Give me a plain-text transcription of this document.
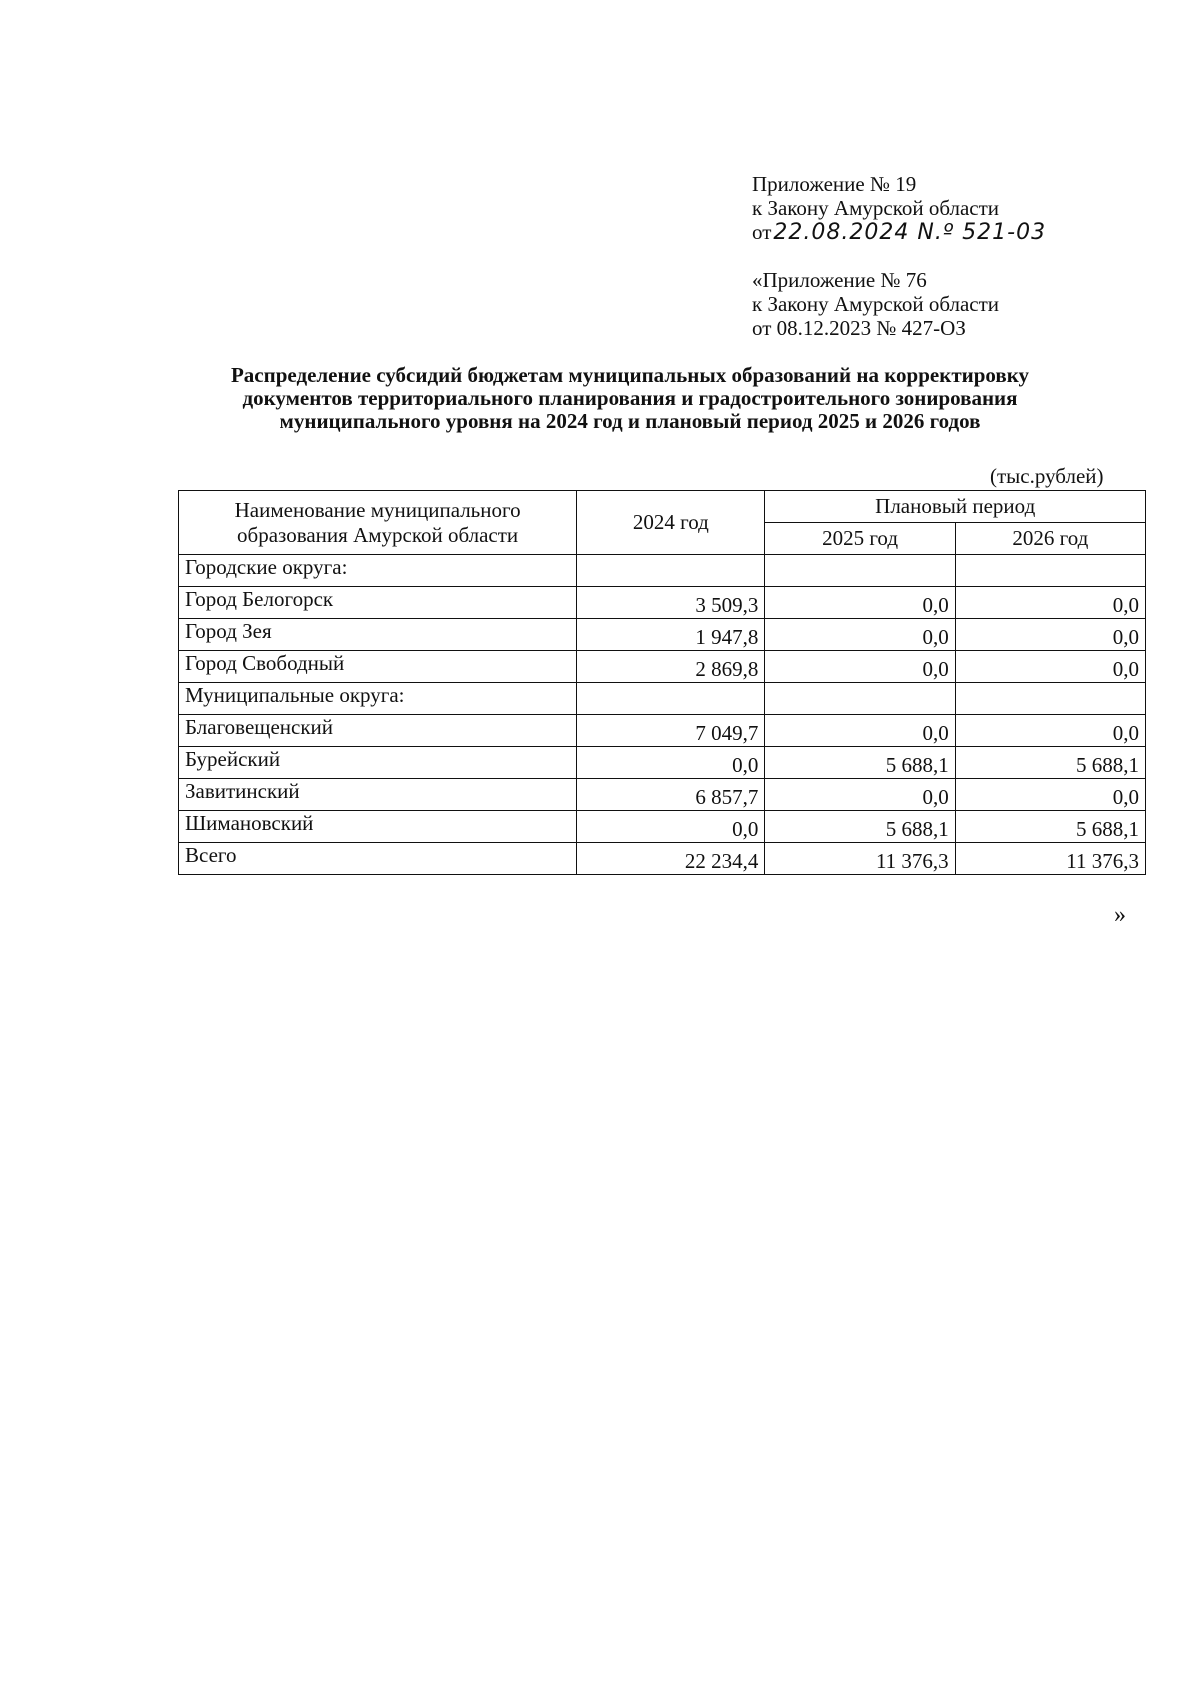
Приложение № 19
к Закону Амурской области
от22.08.2024 N.º 521-03
«Приложение № 76
к Закону Амурской области
от 08.12.2023 № 427-ОЗ
Распределение субсидий бюджетам муниципальных образований на корректировку
документов территориального планирования и градостроительного зонирования
муниципального уровня на 2024 год и плановый период 2025 и 2026 годов
(тыс.рублей)
Наименование муниципального образования Амурской области	2024 год	Плановый период	
		2025 год	2026 год
Городские округа:			
Город Белогорск	3 509,3	0,0	0,0
Город Зея	1 947,8	0,0	0,0
Город Свободный	2 869,8	0,0	0,0
Муниципальные округа:			
Благовещенский	7 049,7	0,0	0,0
Бурейский	0,0	5 688,1	5 688,1
Завитинский	6 857,7	0,0	0,0
Шимановский	0,0	5 688,1	5 688,1
Всего	22 234,4	11 376,3	11 376,3
»
